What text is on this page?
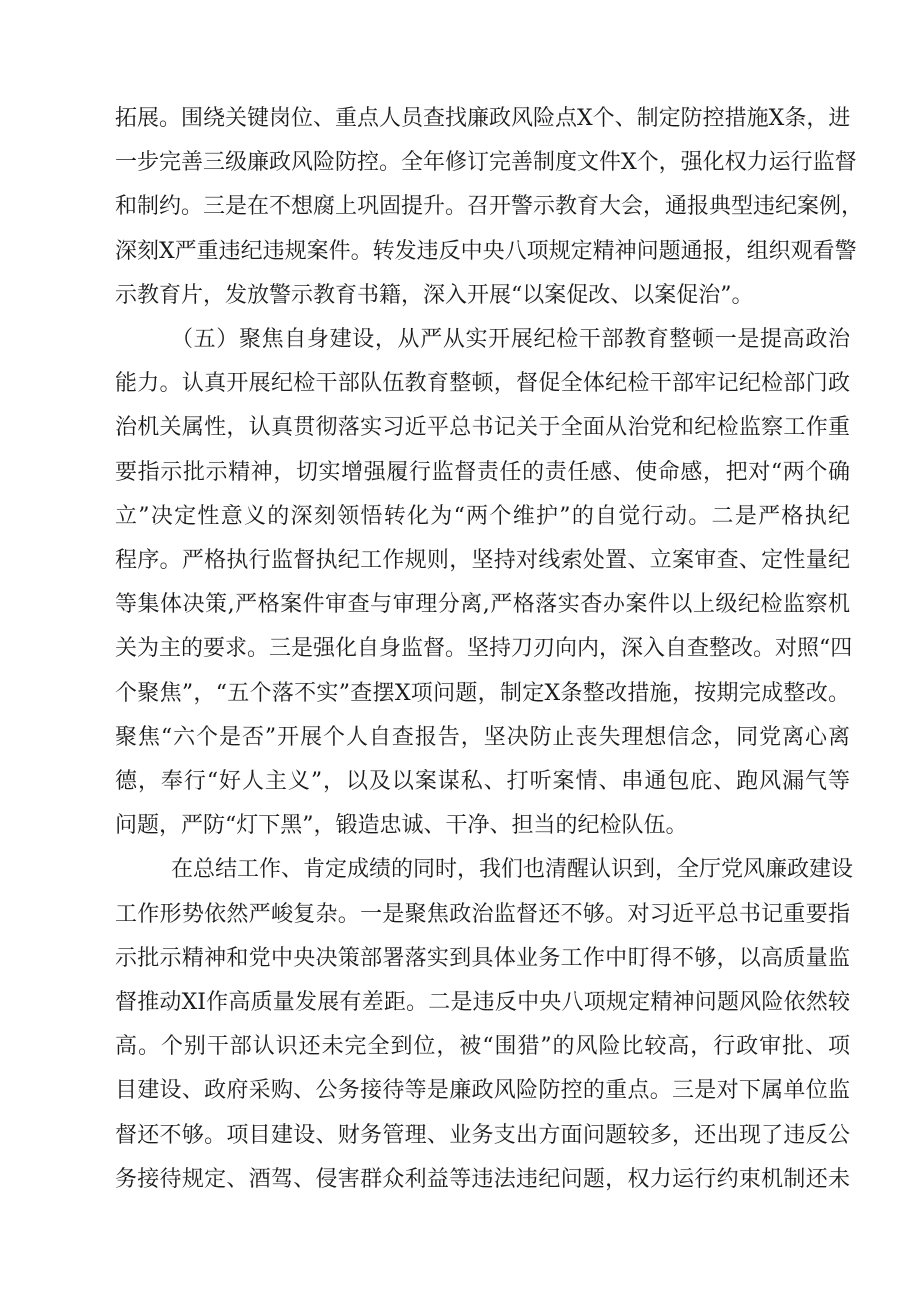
拓展。围绕关键岗位、重点人员查找廉政风险点X个、制定防控措施X条，进
一步完善三级廉政风险防控。全年修订完善制度文件X个，强化权力运行监督
和制约。三是在不想腐上巩固提升。召开警示教育大会，通报典型违纪案例，
深刻X严重违纪违规案件。转发违反中央八项规定精神问题通报，组织观看警
示教育片，发放警示教育书籍，深入开展“以案促改、以案促治”。
（五）聚焦自身建设，从严从实开展纪检干部教育整顿一是提高政治
能力。认真开展纪检干部队伍教育整顿，督促全体纪检干部牢记纪检部门政
治机关属性，认真贯彻落实习近平总书记关于全面从治党和纪检监察工作重
要指示批示精神，切实增强履行监督责任的责任感、使命感，把对“两个确
立”决定性意义的深刻领悟转化为“两个维护”的自觉行动。二是严格执纪
程序。严格执行监督执纪工作规则，坚持对线索处置、立案审查、定性量纪
等集体决策,严格案件审查与审理分离,严格落实杳办案件以上级纪检监察机
关为主的要求。三是强化自身监督。坚持刀刃向内，深入自查整改。对照“四
个聚焦”，“五个落不实”查摆X项问题，制定X条整改措施，按期完成整改。
聚焦“六个是否”开展个人自查报告，坚决防止丧失理想信念，同党离心离
德，奉行“好人主义”，以及以案谋私、打听案情、串通包庇、跑风漏气等
问题，严防“灯下黑”，锻造忠诚、干净、担当的纪检队伍。
在总结工作、肯定成绩的同时，我们也清醒认识到，全厅党风廉政建设
工作形势依然严峻复杂。一是聚焦政治监督还不够。对习近平总书记重要指
示批示精神和党中央决策部署落实到具体业务工作中盯得不够，以高质量监
督推动XI作高质量发展有差距。二是违反中央八项规定精神问题风险依然较
高。个别干部认识还未完全到位，被“围猎”的风险比较高，行政审批、项
目建设、政府采购、公务接待等是廉政风险防控的重点。三是对下属单位监
督还不够。项目建设、财务管理、业务支出方面问题较多，还出现了违反公
务接待规定、酒驾、侵害群众利益等违法违纪问题，权力运行约束机制还未
